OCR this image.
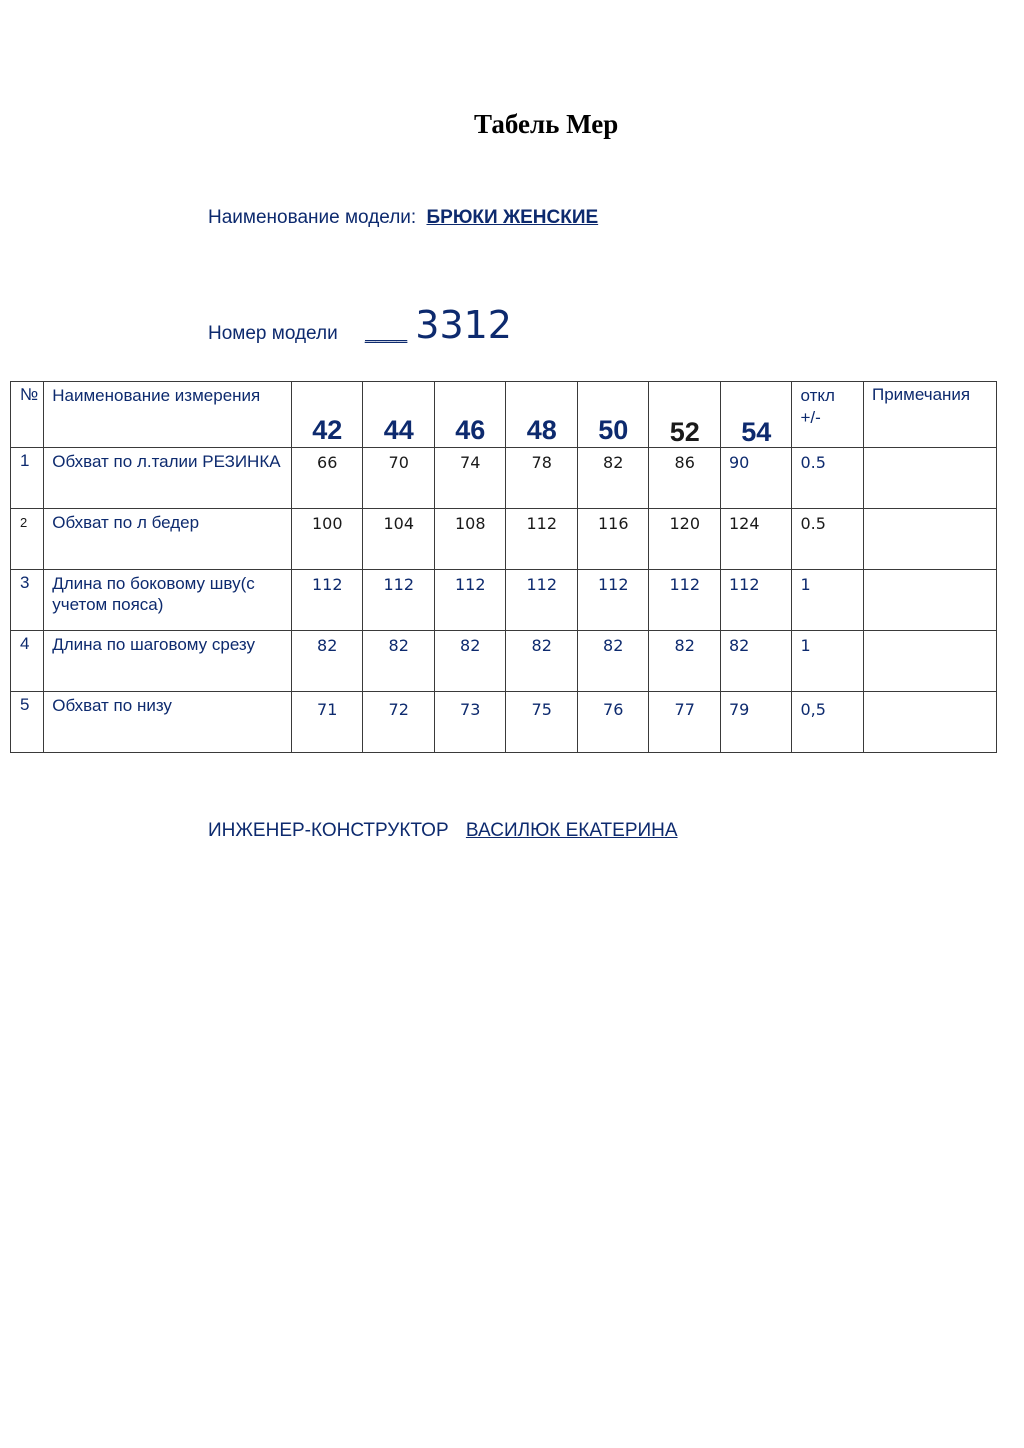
Табель Мер
Наименование модели: БРЮКИ ЖЕНСКИЕ
Номер модели ____ 3312
№	Наименование измерения	42	44	46	48	50	52	54	откл +/-	Примечания

1	Обхват по л.талии РЕЗИНКА	66	70	74	78	82	86	90	0.5	

2	Обхват по л бедер	100	104	108	112	116	120	124	0.5	

3	Длина по боковому шву(с учетом пояса)	112	112	112	112	112	112	112	1	

4	Длина по шаговому срезу	82	82	82	82	82	82	82	1	

5	Обхват по низу	71	72	73	75	76	77	79	0,5	

ИНЖЕНЕР-КОНСТРУКТОР ВАСИЛЮК ЕКАТЕРИНА
